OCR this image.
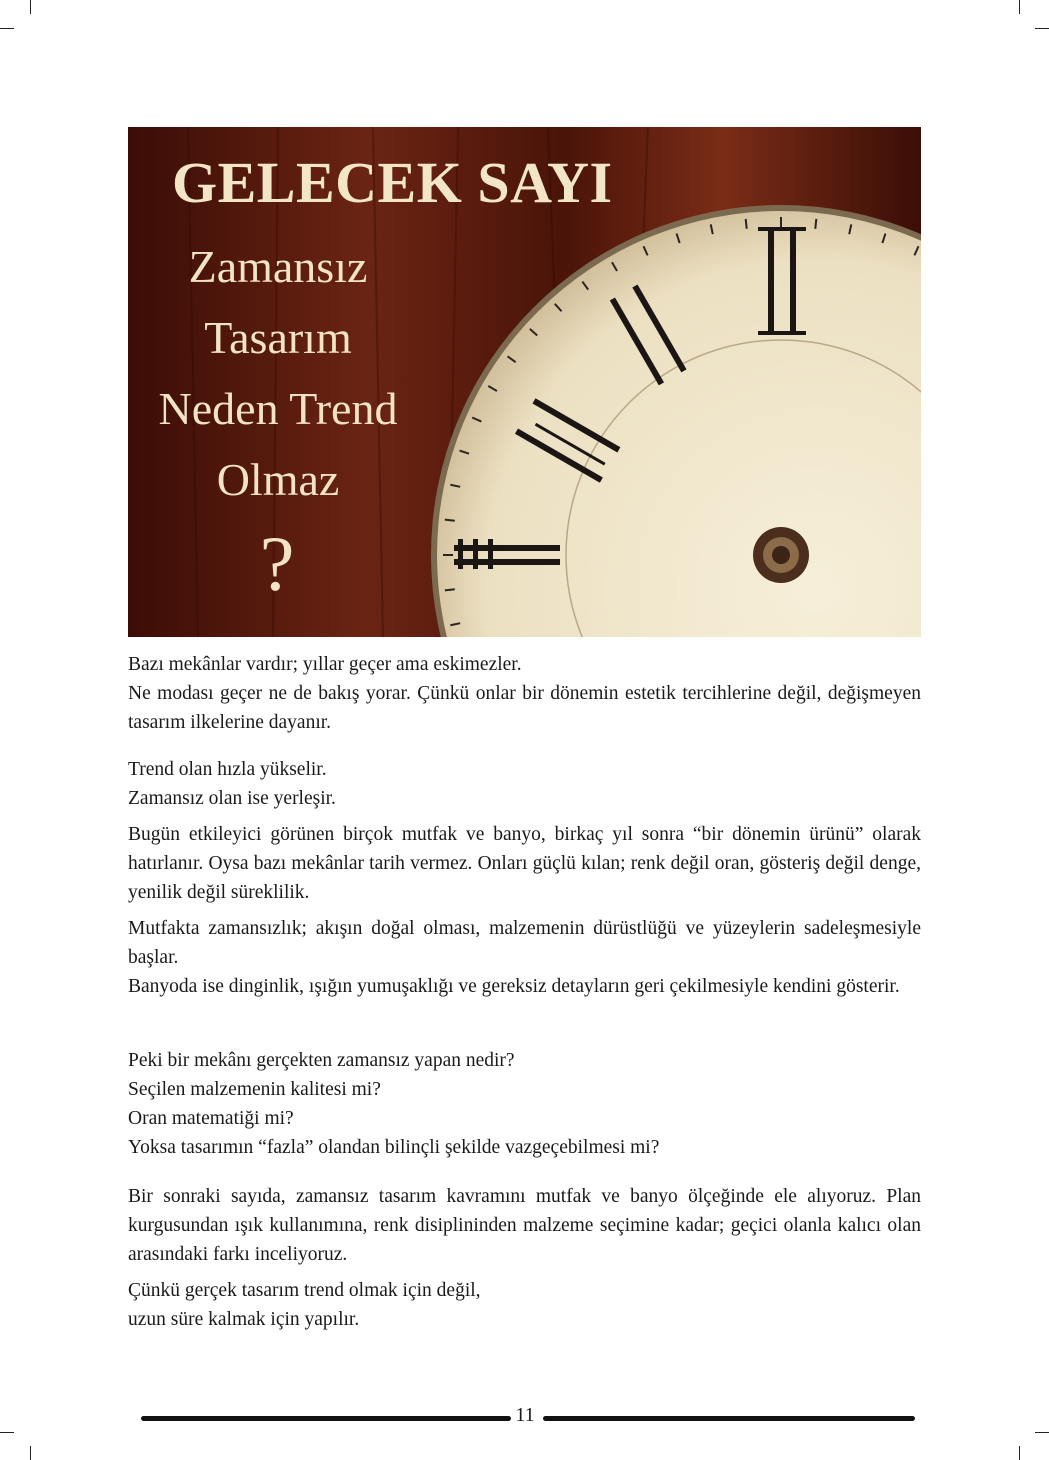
GELECEK SAYI
Zamansız
Tasarım
Neden Trend
Olmaz
?

Bazı mekânlar vardır; yıllar geçer ama eskimezler.

Ne modası geçer ne de bakış yorar. Çünkü onlar bir dönemin estetik tercihlerine değil, değişmeyen tasarım ilkelerine dayanır.

Trend olan hızla yükselir.

Zamansız olan ise yerleşir.

Bugün etkileyici görünen birçok mutfak ve banyo, birkaç yıl sonra “bir dönemin ürünü” olarak hatırlanır. Oysa bazı mekânlar tarih vermez. Onları güçlü kılan; renk değil oran, gösteriş değil denge, yenilik değil süreklilik.

Mutfakta zamansızlık; akışın doğal olması, malzemenin dürüstlüğü ve yüzeylerin sadeleşmesiyle başlar.

Banyoda ise dinginlik, ışığın yumuşaklığı ve gereksiz detayların geri çekilmesiyle kendini gösterir.

Peki bir mekânı gerçekten zamansız yapan nedir?

Seçilen malzemenin kalitesi mi?

Oran matematiği mi?

Yoksa tasarımın “fazla” olandan bilinçli şekilde vazgeçebilmesi mi?

Bir sonraki sayıda, zamansız tasarım kavramını mutfak ve banyo ölçeğinde ele alıyoruz. Plan kurgusundan ışık kullanımına, renk disiplininden malzeme seçimine kadar; geçici olanla kalıcı olan arasındaki farkı inceliyoruz.

Çünkü gerçek tasarım trend olmak için değil,

uzun süre kalmak için yapılır.

11
